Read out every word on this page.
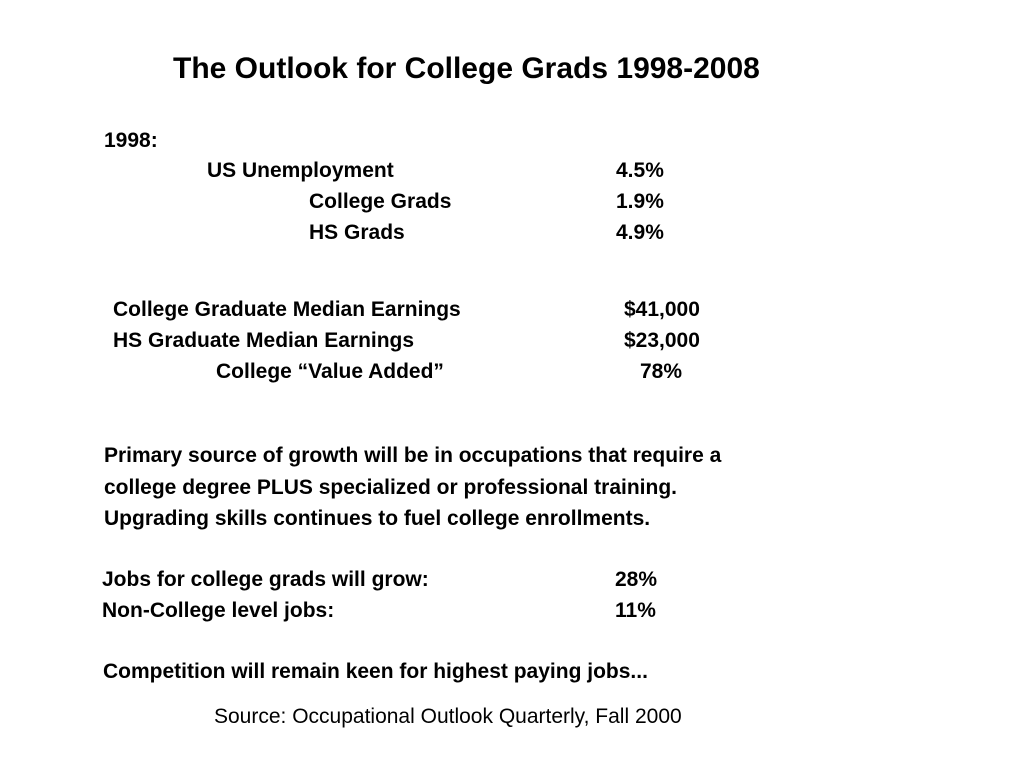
The Outlook for College Grads 1998-2008
1998:
US Unemployment	4.5%
College Grads	1.9%
HS Grads	4.9%
College Graduate Median Earnings	$41,000
HS Graduate Median Earnings	$23,000
College “Value Added”	78%
Primary source of growth will be in occupations that require a
college degree PLUS specialized or professional training.
Upgrading skills continues to fuel college enrollments.
Jobs for college grads will grow:	28%
Non-College level jobs:	11%
Competition will remain keen for highest paying jobs...
Source: Occupational Outlook Quarterly, Fall 2000
